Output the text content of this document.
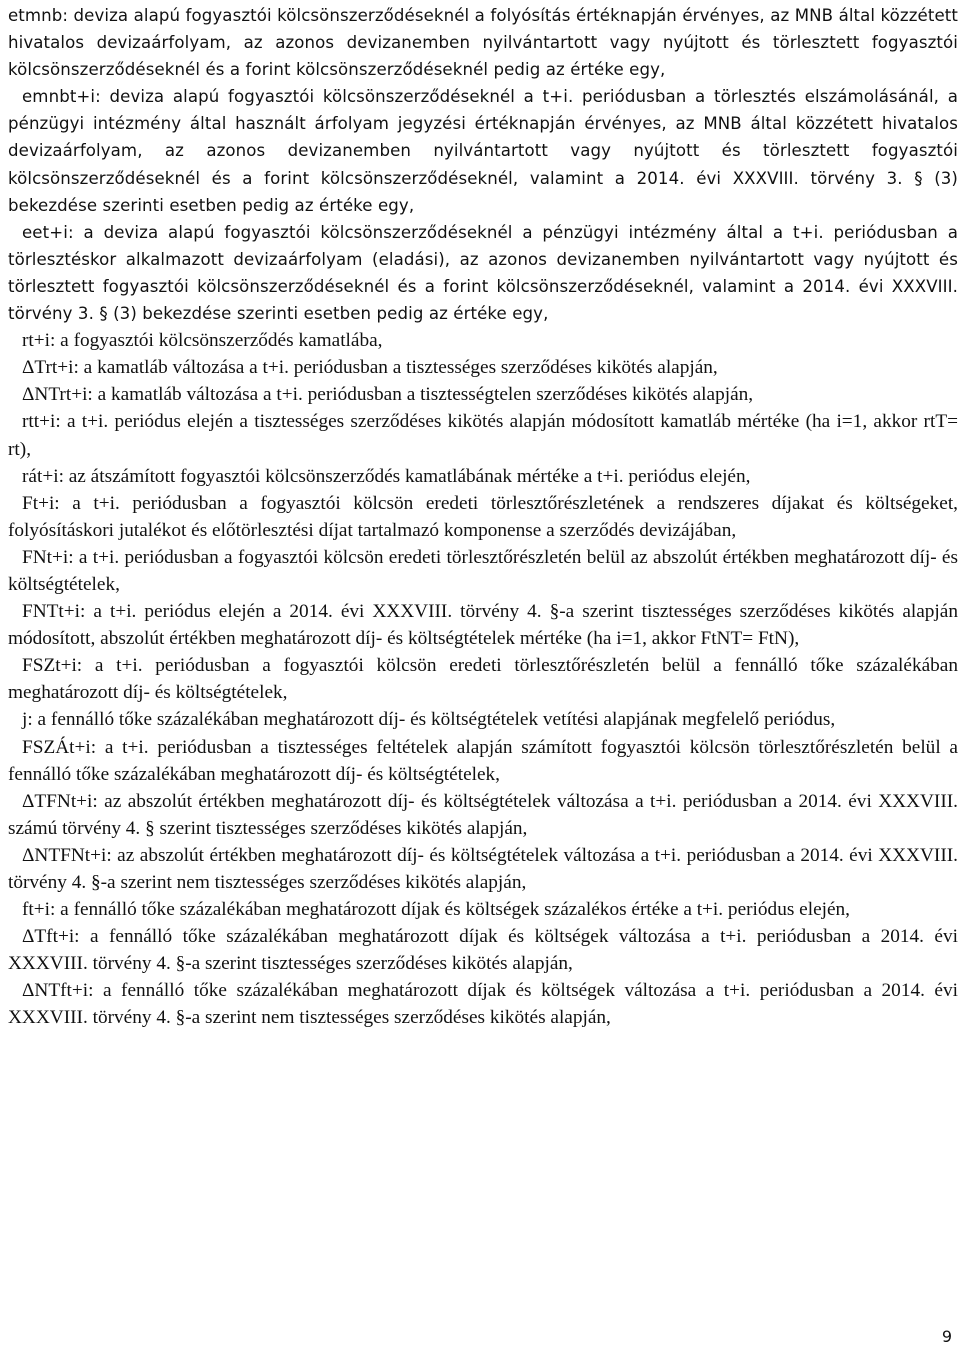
etmnb: deviza alapú fogyasztói kölcsönszerződéseknél a folyósítás értéknapján érvényes, az MNB által közzétett hivatalos devizaárfolyam, az azonos devizanemben nyilvántartott vagy nyújtott és törlesztett fogyasztói kölcsönszerződéseknél és a forint kölcsönszerződéseknél pedig az értéke egy,

emnbt+i: deviza alapú fogyasztói kölcsönszerződéseknél a t+i. periódusban a törlesztés elszámolásánál, a pénzügyi intézmény által használt árfolyam jegyzési értéknapján érvényes, az MNB által közzétett hivatalos devizaárfolyam, az azonos devizanemben nyilvántartott vagy nyújtott és törlesztett fogyasztói kölcsönszerződéseknél és a forint kölcsönszerződéseknél, valamint a 2014. évi XXXVIII. törvény 3. § (3) bekezdése szerinti esetben pedig az értéke egy,

eet+i: a deviza alapú fogyasztói kölcsönszerződéseknél a pénzügyi intézmény által a t+i. periódusban a törlesztéskor alkalmazott devizaárfolyam (eladási), az azonos devizanemben nyilvántartott vagy nyújtott és törlesztett fogyasztói kölcsönszerződéseknél és a forint kölcsönszerződéseknél, valamint a 2014. évi XXXVIII. törvény 3. § (3) bekezdése szerinti esetben pedig az értéke egy,

rt+i: a fogyasztói kölcsönszerződés kamatlába,

ΔTrt+i: a kamatláb változása a t+i. periódusban a tisztességes szerződéses kikötés alapján,

ΔNTrt+i: a kamatláb változása a t+i. periódusban a tisztességtelen szerződéses kikötés alapján,

rtt+i: a t+i. periódus elején a tisztességes szerződéses kikötés alapján módosított kamatláb mértéke (ha i=1, akkor rtT= rt),

rát+i: az átszámított fogyasztói kölcsönszerződés kamatlábának mértéke a t+i. periódus elején,

Ft+i: a t+i. periódusban a fogyasztói kölcsön eredeti törlesztőrészletének a rendszeres díjakat és költségeket, folyósításkori jutalékot és előtörlesztési díjat tartalmazó komponense a szerződés devizájában,

FNt+i: a t+i. periódusban a fogyasztói kölcsön eredeti törlesztőrészletén belül az abszolút értékben meghatározott díj- és költségtételek,

FNTt+i: a t+i. periódus elején a 2014. évi XXXVIII. törvény 4. §-a szerint tisztességes szerződéses kikötés alapján módosított, abszolút értékben meghatározott díj- és költségtételek mértéke (ha i=1, akkor FtNT= FtN),

FSZt+i: a t+i. periódusban a fogyasztói kölcsön eredeti törlesztőrészletén belül a fennálló tőke százalékában meghatározott díj- és költségtételek,

j: a fennálló tőke százalékában meghatározott díj- és költségtételek vetítési alapjának megfelelő periódus,

FSZÁt+i: a t+i. periódusban a tisztességes feltételek alapján számított fogyasztói kölcsön törlesztőrészletén belül a fennálló tőke százalékában meghatározott díj- és költségtételek,

ΔTFNt+i: az abszolút értékben meghatározott díj- és költségtételek változása a t+i. periódusban a 2014. évi XXXVIII. számú törvény 4. § szerint tisztességes szerződéses kikötés alapján,

ΔNTFNt+i: az abszolút értékben meghatározott díj- és költségtételek változása a t+i. periódusban a 2014. évi XXXVIII. törvény 4. §-a szerint nem tisztességes szerződéses kikötés alapján,

ft+i: a fennálló tőke százalékában meghatározott díjak és költségek százalékos értéke a t+i. periódus elején,

ΔTft+i: a fennálló tőke százalékában meghatározott díjak és költségek változása a t+i. periódusban a 2014. évi XXXVIII. törvény 4. §-a szerint tisztességes szerződéses kikötés alapján,

ΔNTft+i: a fennálló tőke százalékában meghatározott díjak és költségek változása a t+i. periódusban a 2014. évi XXXVIII. törvény 4. §-a szerint nem tisztességes szerződéses kikötés alapján,

9
